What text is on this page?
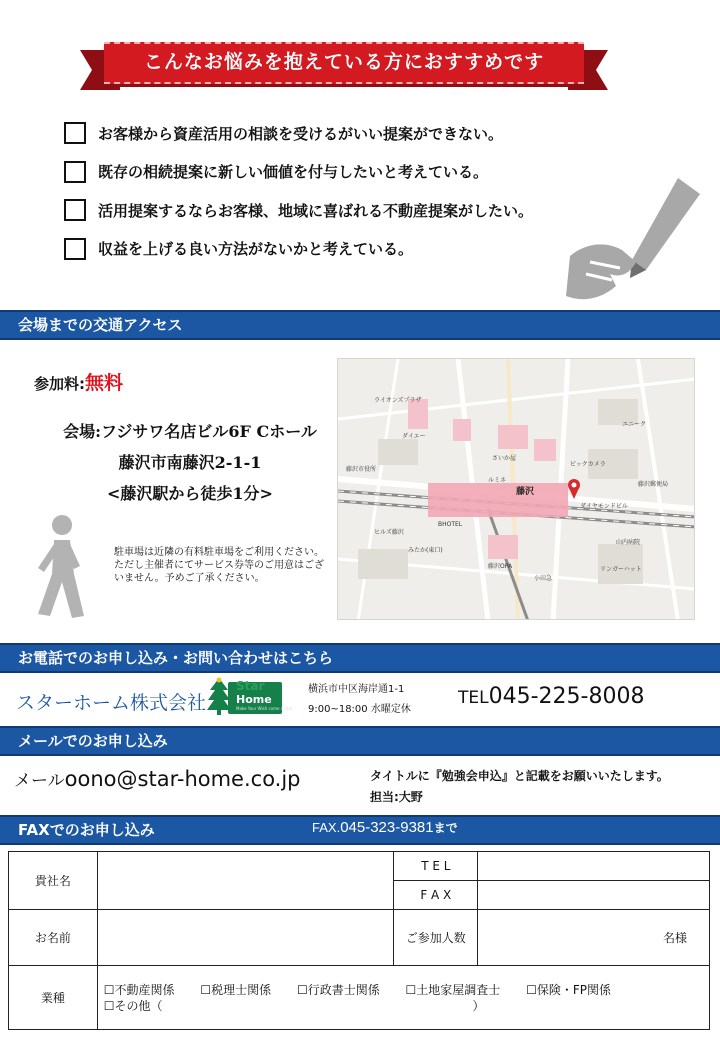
こんなお悩みを抱えている方におすすめです
お客様から資産活用の相談を受けるがいい提案ができない。
既存の相続提案に新しい価値を付与したいと考えている。
活用提案するならお客様、地域に喜ばれる不動産提案がしたい。
収益を上げる良い方法がないかと考えている。
会場までの交通アクセス
参加料:無料
会場:フジサワ名店ビル6F Cホール
藤沢市南藤沢2-1-1
<藤沢駅から徒歩1分>
駐車場は近隣の有料駐車場をご利用ください。ただし主催者にてサービス券等のご用意はございません。予めご了承ください。
藤沢
ダイヤモンドビル
ビックカメラ
さいか屋
藤沢OPA
小田急
ダイエー
ルミネ
リンガーハット
藤沢市役所
ヒルズ藤沢
BHOTEL
山内病院
ユニーク
ライオンズプラザ
みたか(東口)
藤沢郵便局
お電話でのお申し込み・お問い合わせはこちら
スターホーム株式会社
Star
Home
Make Your Wish come a Star
横浜市中区海岸通1-1
9:00~18:00 水曜定休
TEL045-225-8008
メールでのお申し込み
メールoono@star-home.co.jp	タイトルに『勉強会申込』と記載をお願いいたします。
担当:大野
FAXでのお申し込み	FAX.045-323-9381まで
貴社名		T E L	
		F A X	
お名前		ご参加人数	名様
業種	☐不動産関係 ☐税理士関係 ☐行政書士関係 ☐土地家屋調査士 ☐保険・FP関係
☐その他（ ）		
